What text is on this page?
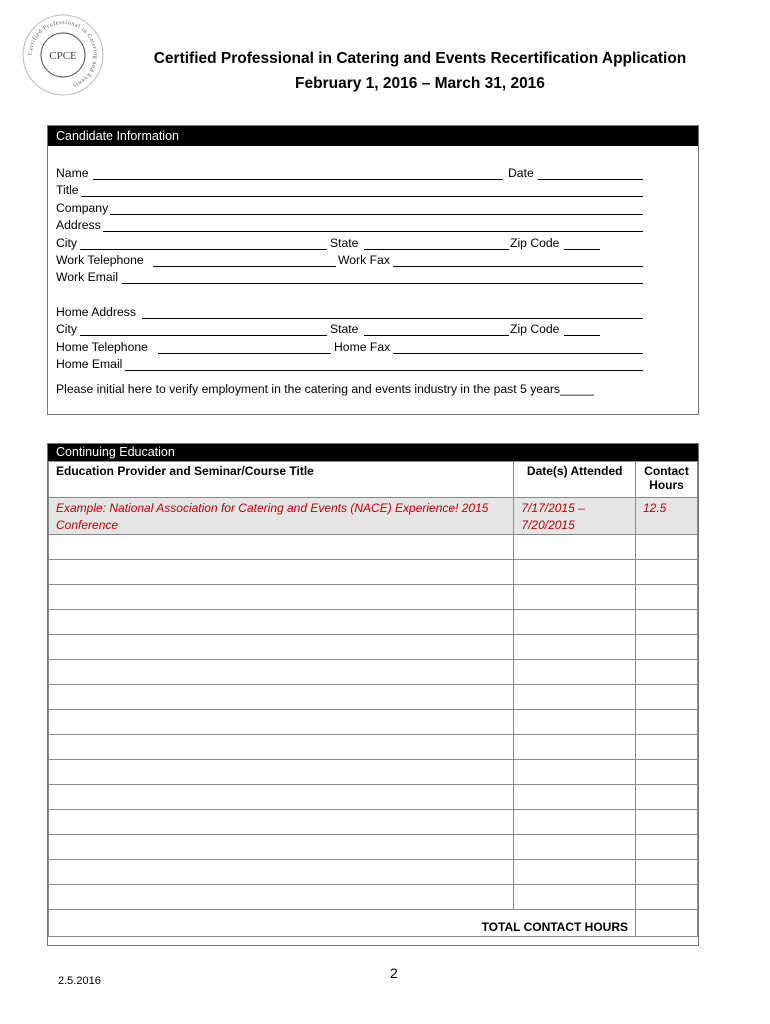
Certified Professional in Catering and Events
CPCE	Certified Professional in Catering and Events Recertification Application
February 1, 2016 – March 31, 2016
Candidate Information
Name	Date
Title
Company
Address
City	State	Zip Code
Work Telephone	Work Fax
Work Email
Home Address
City	State	Zip Code
Home Telephone	Home Fax
Home Email
Please initial here to verify employment in the catering and events industry in the past 5 years_____
Continuing Education
Education Provider and Seminar/Course Title	Date(s) Attended	Contact Hours
Example: National Association for Catering and Events (NACE) Experience! 2015 Conference	7/17/2015 – 7/20/2015	12.5

TOTAL CONTACT HOURS		
2.5.2016	2
